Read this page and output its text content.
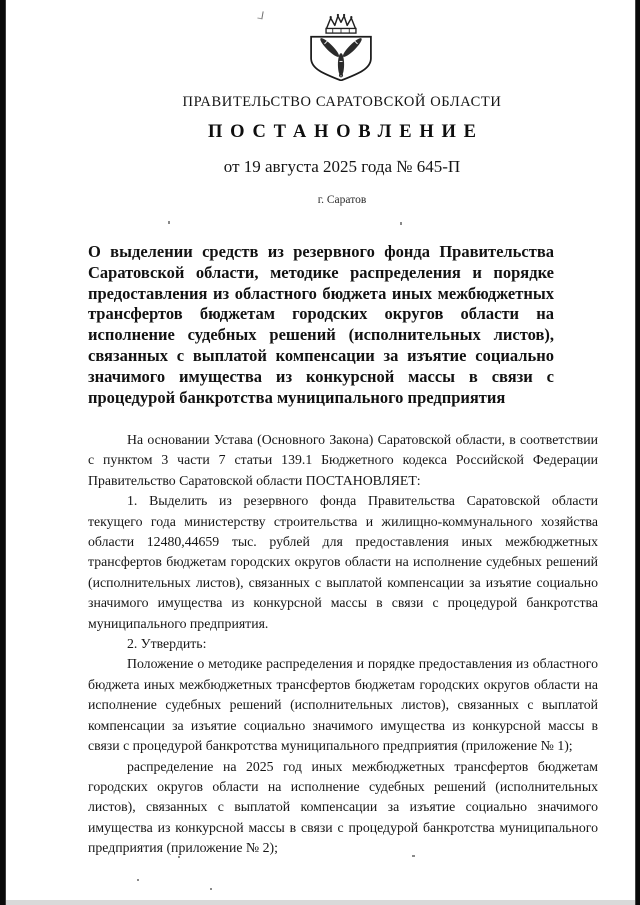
ПРАВИТЕЛЬСТВО САРАТОВСКОЙ ОБЛАСТИ
ПОСТАНОВЛЕНИЕ
от 19 августа 2025 года № 645-П
г. Саратов
О выделении средств из резервного фонда Правительства Саратовской области, методике распределения и порядке предоставления из областного бюджета иных межбюджетных трансфертов бюджетам городских округов области на исполнение судебных решений (исполнительных листов), связанных с выплатой компенсации за изъятие социально значимого имущества из конкурсной массы в связи с процедурой банкротства муниципального предприятия

На основании Устава (Основного Закона) Саратовской области, в соответствии с пунктом 3 части 7 статьи 139.1 Бюджетного кодекса Российской Федерации Правительство Саратовской области ПОСТАНОВЛЯЕТ:

1. Выделить из резервного фонда Правительства Саратовской области текущего года министерству строительства и жилищно-коммунального хозяйства области 12480,44659 тыс. рублей для предоставления иных межбюджетных трансфертов бюджетам городских округов области на исполнение судебных решений (исполнительных листов), связанных с выплатой компенсации за изъятие социально значимого имущества из конкурсной массы в связи с процедурой банкротства муниципального предприятия.

2. Утвердить:

Положение о методике распределения и порядке предоставления из областного бюджета иных межбюджетных трансфертов бюджетам городских округов области на исполнение судебных решений (исполнительных листов), связанных с выплатой компенсации за изъятие социально значимого имущества из конкурсной массы в связи с процедурой банкротства муниципального предприятия (приложение № 1);

распределение на 2025 год иных межбюджетных трансфертов бюджетам городских округов области на исполнение судебных решений (исполнительных листов), связанных с выплатой компенсации за изъятие социально значимого имущества из конкурсной массы в связи с процедурой банкротства муниципального предприятия (приложение № 2);
